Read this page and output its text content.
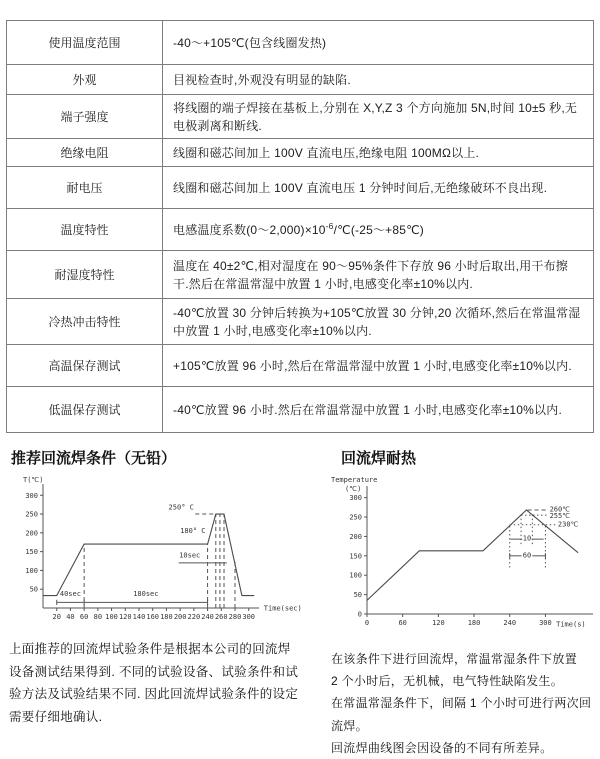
使用温度范围	-40～+105℃(包含线圈发热)
外观	目视检查时,外观没有明显的缺陷.
端子强度	将线圈的端子焊接在基板上,分别在 X,Y,Z 3 个方向施加 5N,时间 10±5 秒,无电极剥离和断线.
绝缘电阻	线圈和磁芯间加上 100V 直流电压,绝缘电阻 100MΩ以上.
耐电压	线圈和磁芯间加上 100V 直流电压 1 分钟时间后,无绝缘破环不良出现.
温度特性	电感温度系数$(0\sim 2,000)\times 10^{-6}/℃(-25\sim+85℃)$
耐湿度特性	温度在 40±2℃,相对湿度在 90～95%条件下存放 96 小时后取出,用干布擦干.然后在常温常湿中放置 1 小时,电感变化率±10%以内.
冷热冲击特性	-40℃放置 30 分钟后转换为+105℃放置 30 分钟,20 次循环,然后在常温常湿中放置 1 小时,电感变化率±10%以内.
高温保存测试	+105℃放置 96 小时,然后在常温常湿中放置 1 小时,电感变化率±10%以内.
低温保存测试	-40℃放置 96 小时.然后在常温常湿中放置 1 小时,电感变化率±10%以内.
推荐回流焊条件（无铅）
20 40 60 80 100 120 140 160 180 200 220 240 260 280 300
50
100
150
200
250
300
Time(sec)
T(℃)
250° C
180° C
10sec
40sec	180sec
上面推荐的回流焊试验条件是根据本公司的回流焊
设备测试结果得到. 不同的试验设备、试验条件和试
验方法及试验结果不同. 因此回流焊试验条件的设定
需要仔细地确认.
回流焊耐热
0	60	120	180	240	300
0
50
100
150
200
250
300
Time(s)
Temperature
(℃)
260℃
255℃
230℃
10
60
在该条件下进行回流焊，常温常湿条件下放置
2 个小时后，无机械，电气特性缺陷发生。
在常温常湿条件下，间隔 1 个小时可进行两次回流焊。
回流焊曲线图会因设备的不同有所差异。
